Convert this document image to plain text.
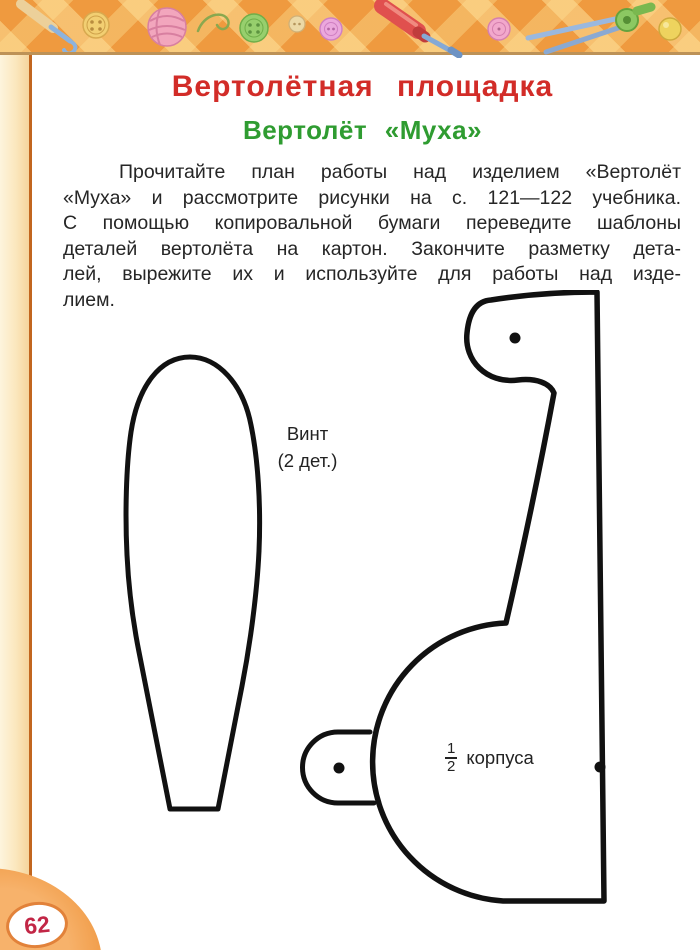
Вертолётная площадка
Вертолёт «Муха»
Прочитайте план работы над изделием «Вертолёт
«Муха» и рассмотрите рисунки на с. 121—122 учебника.
С помощью копировальной бумаги переведите шаблоны
деталей вертолёта на картон. Закончите разметку дета-
лей, вырежите их и используйте для работы над изде-
лием.
Винт
(2 дет.)
$\frac{1}{2}$ корпуса
62
